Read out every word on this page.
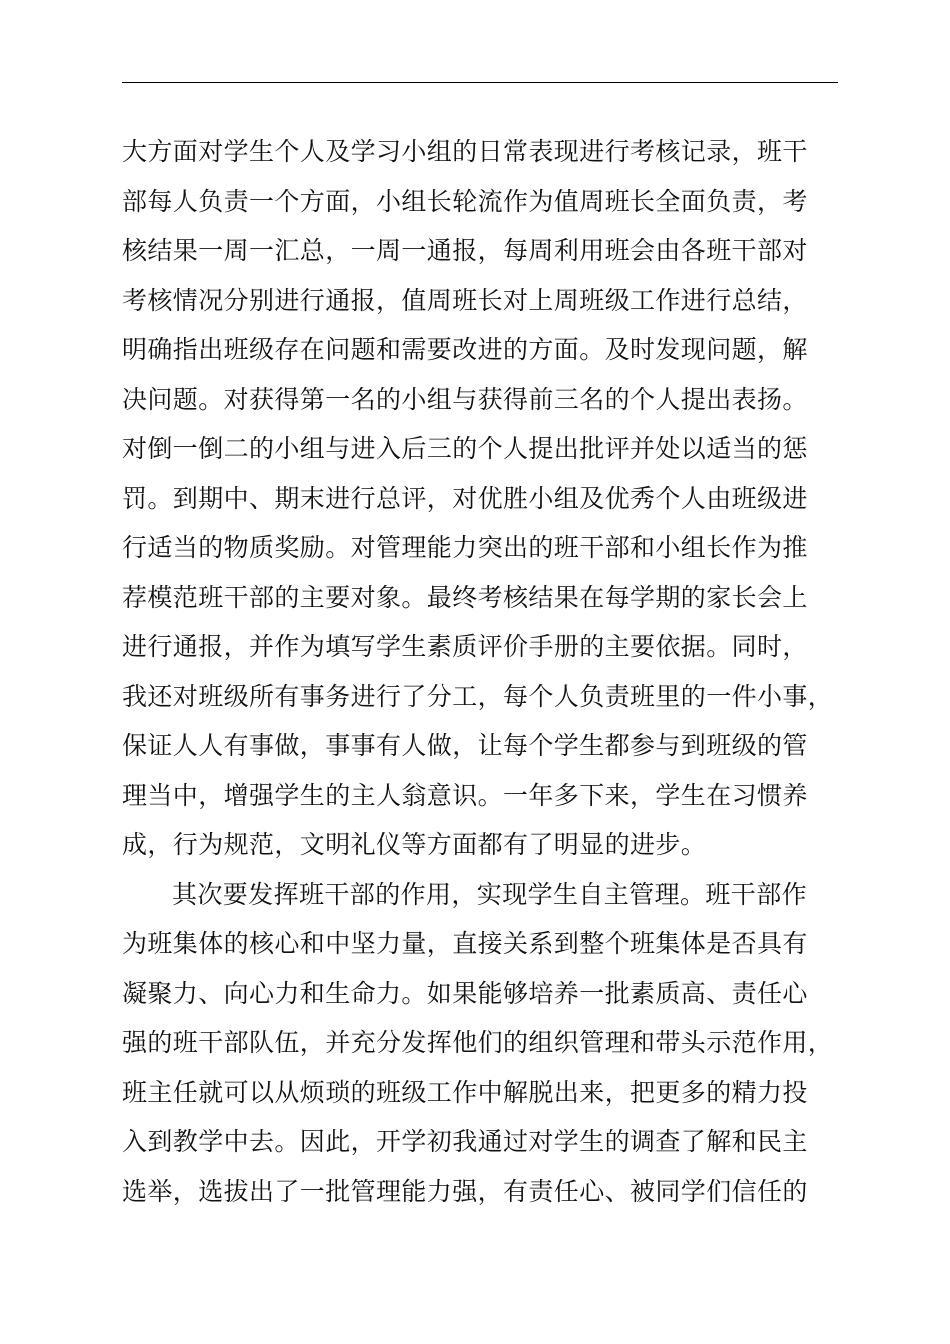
大方面对学生个人及学习小组的日常表现进行考核记录，班干
部每人负责一个方面，小组长轮流作为值周班长全面负责，考
核结果一周一汇总，一周一通报，每周利用班会由各班干部对
考核情况分别进行通报，值周班长对上周班级工作进行总结，
明确指出班级存在问题和需要改进的方面。及时发现问题，解
决问题。对获得第一名的小组与获得前三名的个人提出表扬。
对倒一倒二的小组与进入后三的个人提出批评并处以适当的惩
罚。到期中、期末进行总评，对优胜小组及优秀个人由班级进
行适当的物质奖励。对管理能力突出的班干部和小组长作为推
荐模范班干部的主要对象。最终考核结果在每学期的家长会上
进行通报，并作为填写学生素质评价手册的主要依据。同时，
我还对班级所有事务进行了分工，每个人负责班里的一件小事，
保证人人有事做，事事有人做，让每个学生都参与到班级的管
理当中，增强学生的主人翁意识。一年多下来，学生在习惯养
成，行为规范，文明礼仪等方面都有了明显的进步。
其次要发挥班干部的作用，实现学生自主管理。班干部作
为班集体的核心和中坚力量，直接关系到整个班集体是否具有
凝聚力、向心力和生命力。如果能够培养一批素质高、责任心
强的班干部队伍，并充分发挥他们的组织管理和带头示范作用，
班主任就可以从烦琐的班级工作中解脱出来，把更多的精力投
入到教学中去。因此，开学初我通过对学生的调查了解和民主
选举，选拔出了一批管理能力强，有责任心、被同学们信任的
